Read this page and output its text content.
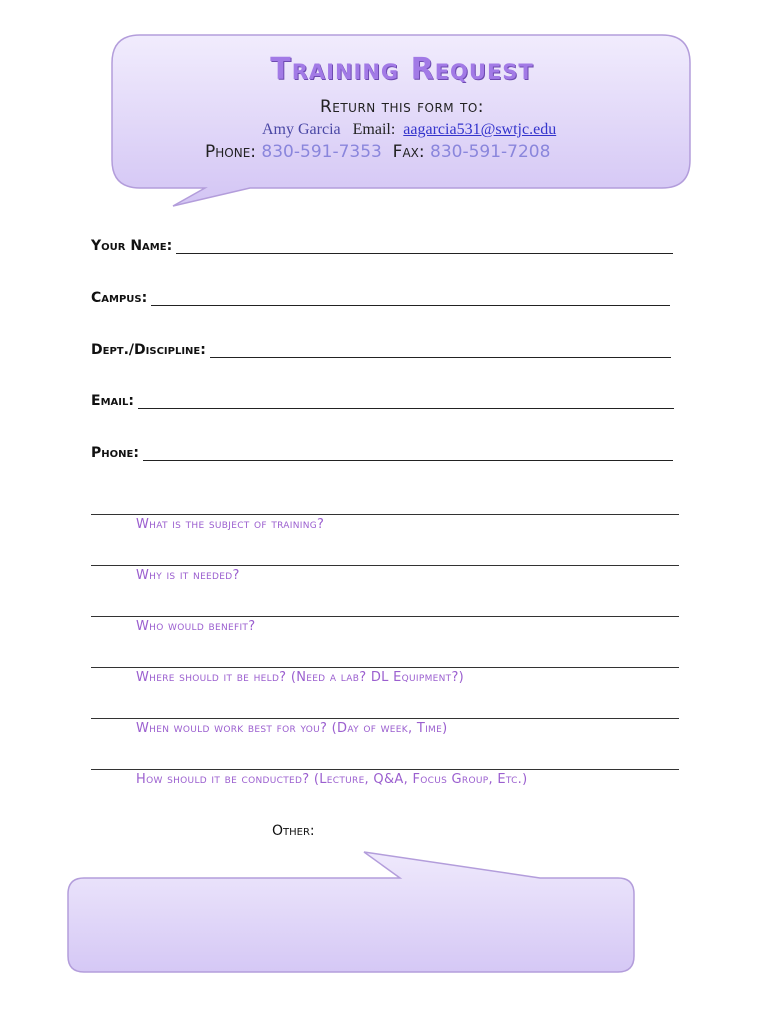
Training Request
Return this form to:
Amy Garcia Email: aagarcia531@swtjc.edu
Phone: 830-591-7353 Fax: 830-591-7208
Your Name:
Campus:
Dept./Discipline:
Email:
Phone:
What is the subject of training?
Why is it needed?
Who would benefit?
Where should it be held? (Need a lab? DL Equipment?)
When would work best for you? (Day of week, Time)
How should it be conducted? (Lecture, Q&A, Focus Group, Etc.)
Other:
